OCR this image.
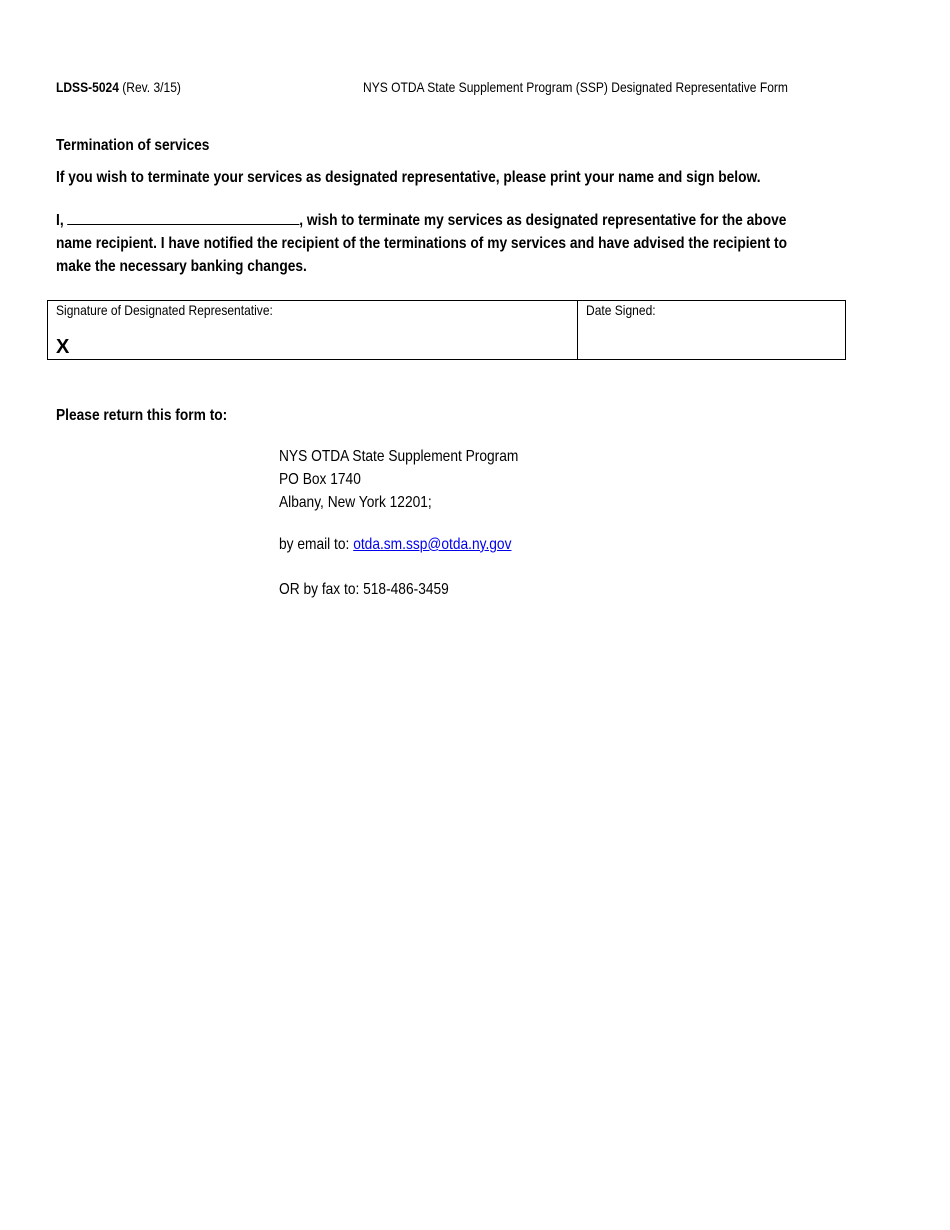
LDSS-5024 (Rev. 3/15)	NYS OTDA State Supplement Program (SSP) Designated Representative Form
Termination of services
If you wish to terminate your services as designated representative, please print your name and sign below.
I,	, wish to terminate my services as designated representative for the above
name recipient. I have notified the recipient of the terminations of my services and have advised the recipient to
make the necessary banking changes.
Signature of Designated Representative:
X
Date Signed:
Please return this form to:
NYS OTDA State Supplement Program
PO Box 1740
Albany, New York 12201;
by email to: otda.sm.ssp@otda.ny.gov
OR by fax to: 518-486-3459
